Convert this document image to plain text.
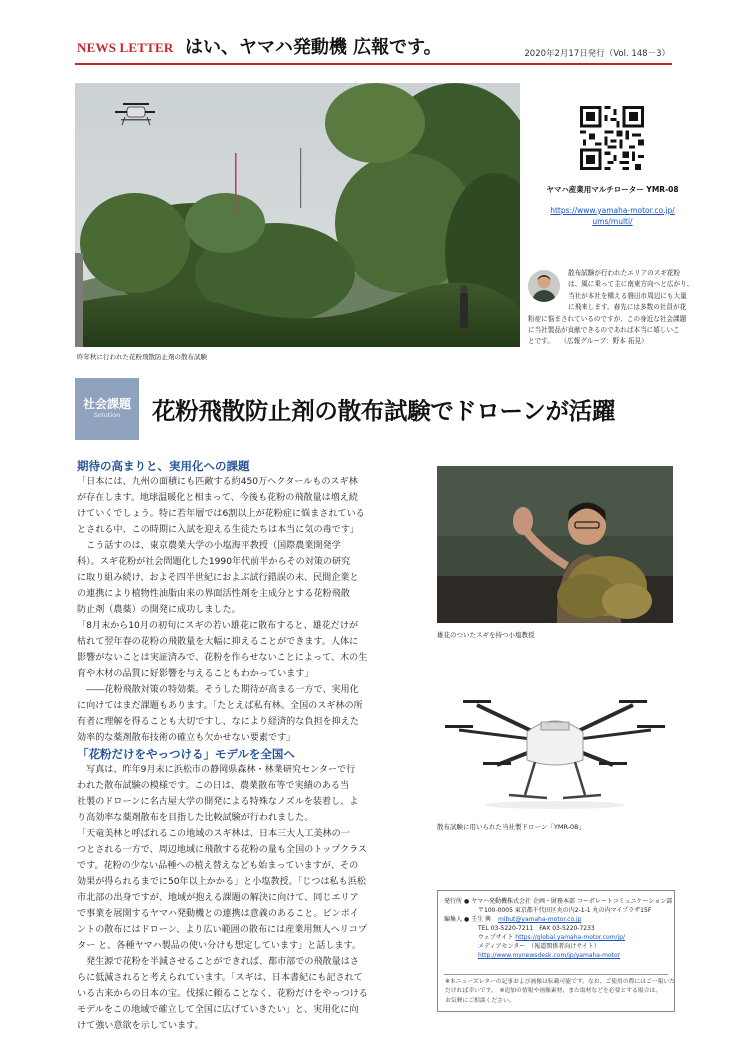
NEWS LETTER はい、ヤマハ発動機 広報です。	2020年2月17日発行（Vol. 148－3）
昨年秋に行われた花粉飛散防止剤の散布試験
ヤマハ産業用マルチローター YMR-08
https://www.yamaha-motor.co.jp/
ums/multi/
散布試験が行われたエリアのスギ花粉
は、風に乗って主に南東方向へと広がり、
当社が本社を構える磐田市周辺にも大量
に飛来します。春先には多数の社員が花
粉症に悩まされているのですが、この身近な社会課題
に当社製品が貢献できるのであれば本当に嬉しいこ
とです。　　（広報グループ：野本 拓見）
社会課題
Solution	花粉飛散防止剤の散布試験でドローンが活躍
期待の高まりと、実用化への課題

「日本には、九州の面積にも匹敵する約450万ヘクタールものスギ林

が存在します。地球温暖化と相まって、今後も花粉の飛散量は増え続

けていくでしょう。特に若年層では6割以上が花粉症に悩まされている

とされる中、この時期に入試を迎える生徒たちは本当に気の毒です」

　こう話すのは、東京農業大学の小塩海平教授（国際農業開発学

科）。スギ花粉が社会問題化した1990年代前半からその対策の研究

に取り組み続け、およそ四半世紀におよぶ試行錯誤の末、民間企業と

の連携により植物性油脂由来の界面活性剤を主成分とする花粉飛散

防止剤（農薬）の開発に成功しました。

「8月末から10月の初旬にスギの若い雄花に散布すると、雄花だけが

枯れて翌年春の花粉の飛散量を大幅に抑えることができます。人体に

影響がないことは実証済みで、花粉を作らせないことによって、木の生

育や木材の品質に好影響を与えることもわかっています」

　――花粉飛散対策の特効薬。そうした期待が高まる一方で、実用化

に向けてはまだ課題もあります。「たとえば私有林。全国のスギ林の所

有者に理解を得ることも大切ですし、なにより経済的な負担を抑えた

効率的な薬剤散布技術の確立も欠かせない要素です」

「花粉だけをやっつける」モデルを全国へ

　写真は、昨年9月末に浜松市の静岡県森林・林業研究センターで行

われた散布試験の模様です。この日は、農業散布等で実績のある当

社製のドローンに名古屋大学の開発による特殊なノズルを装着し、よ

り高効率な薬剤散布を目指した比較試験が行われました。

「天竜美林と呼ばれるこの地域のスギ林は、日本三大人工美林の一

つとされる一方で、周辺地域に飛散する花粉の量も全国のトップクラス

です。花粉の少ない品種への植え替えなども始まっていますが、その

効果が得られるまでに50年以上かかる」と小塩教授。「じつは私も浜松

市北部の出身ですが、地域が抱える課題の解決に向けて、同じエリア

で事業を展開するヤマハ発動機との連携は意義のあること。ピンポイ

ントの散布にはドローン、より広い範囲の散布には産業用無人ヘリコプ

ター と、各種ヤマハ製品の使い分けも想定しています」と話します。

　発生源で花粉を半減させることができれば、都市部での飛散量はさ

らに低減されると考えられています。「スギは、日本書紀にも記されて

いる古来からの日本の宝。伐採に頼ることなく、花粉だけをやっつける

モデルをこの地域で確立して全国に広げていきたい」と、実用化に向

けて強い意欲を示しています。

雄花のついたスギを持つ小塩教授
散布試験に用いられた当社製ドローン「YMR-08」
発行所 ● ヤマハ発動機株式会社 企画・財務本部 コーポレートコミュニケーション部
〒100-0005 東京都千代田区丸の内2-1-1 丸の内マイプラザ15F
編集人 ● 壬生 興 mibut@yamaha-motor.co.jp
TEL 03-5220-7211　FAX 03-5220-7233
ウェブサイト https://global.yamaha-motor.com/jp/
メディアセンター　（報道関係者向けサイト）
http://www.mynewsdesk.com/jp/yamaha-motor
※本ニューズレターの記事および画像は転載可能です。なお、ご使用の際にはご一報いた
だければ幸いです。　※追加の情報や画像素材、また取材などを必要とする場合は、
お気軽にご相談ください。
